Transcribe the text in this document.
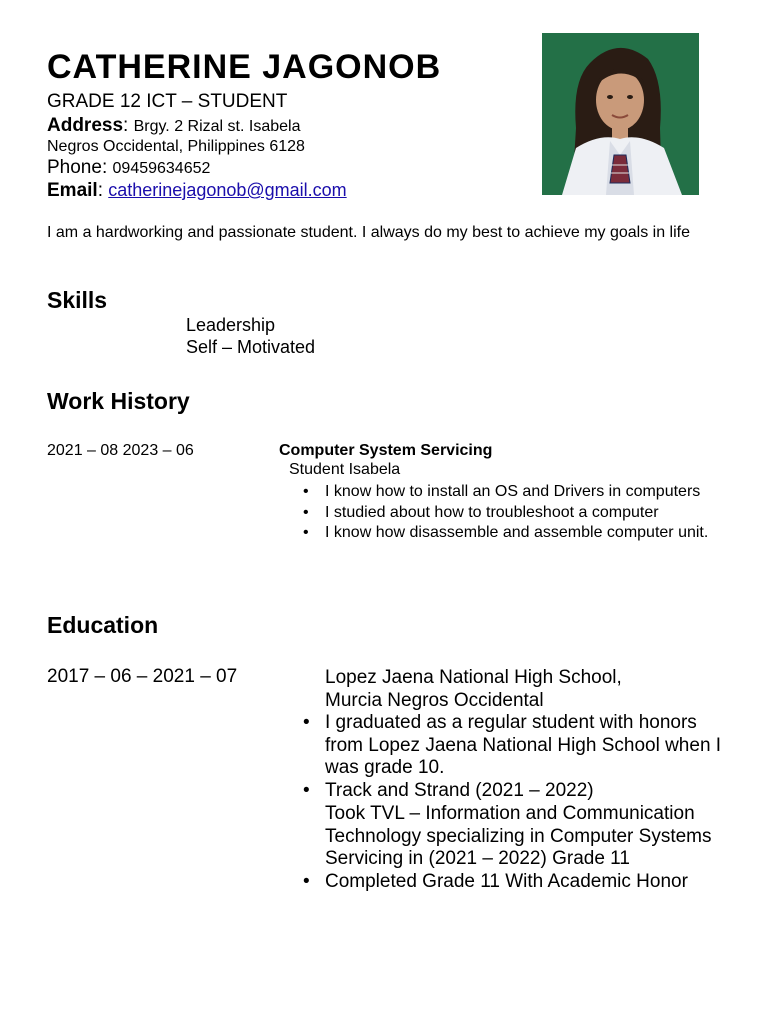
CATHERINE JAGONOB
GRADE 12 ICT – STUDENT
Address: Brgy. 2 Rizal st. Isabela
Negros Occidental, Philippines 6128
Phone: 09459634652
Email: catherinejagonob@gmail.com
I am a hardworking and passionate student. I always do my best to achieve my goals in life
Skills
Leadership
Self – Motivated
Work History
2021 – 08 2023 – 06	Computer System Servicing
Student Isabela
• I know how to install an OS and Drivers in computers
• I studied about how to troubleshoot a computer
• I know how disassemble and assemble computer unit.
Education
2017 – 06 – 2021 – 07	Lopez Jaena National High School,
Murcia Negros Occidental
• I graduated as a regular student with honors from Lopez Jaena National High School when I was grade 10.
• Track and Strand (2021 – 2022)
Took TVL – Information and Communication Technology specializing in Computer Systems Servicing in (2021 – 2022) Grade 11
• Completed Grade 11 With Academic Honor
